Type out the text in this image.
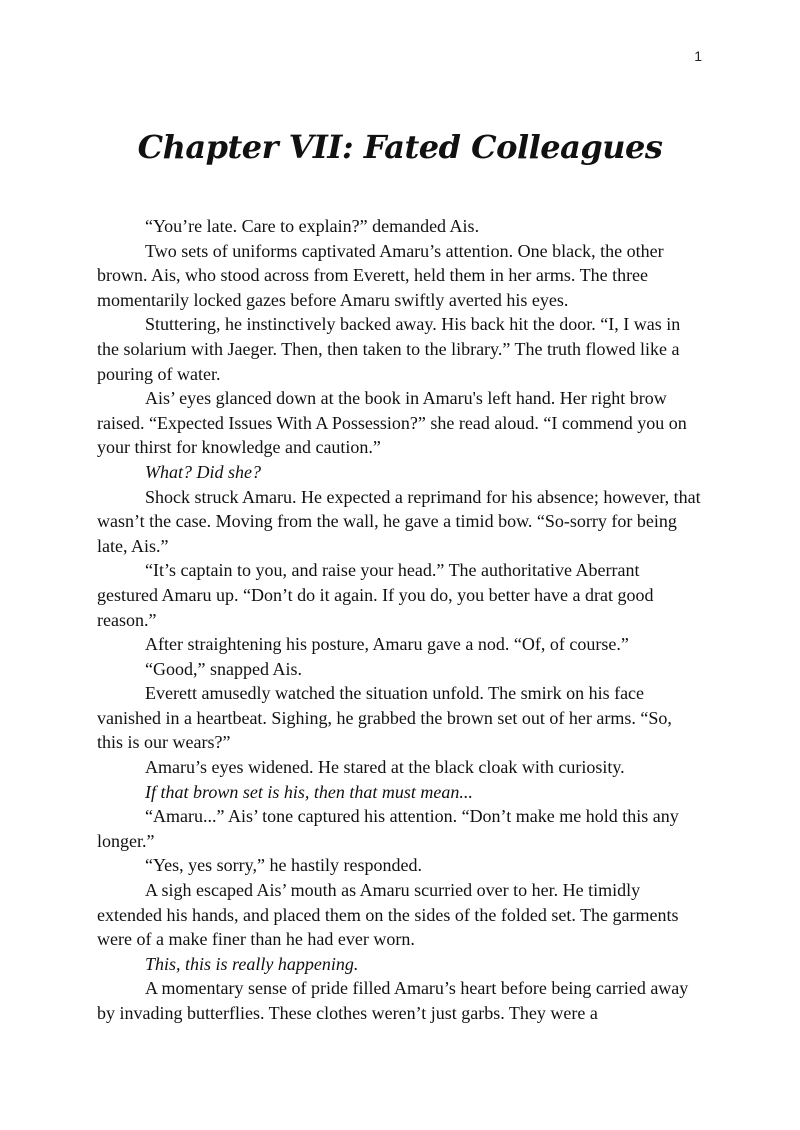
1
Chapter VII: Fated Colleagues

“You’re late. Care to explain?” demanded Ais.

Two sets of uniforms captivated Amaru’s attention. One black, the other brown. Ais, who stood across from Everett, held them in her arms. The three momentarily locked gazes before Amaru swiftly averted his eyes.

Stuttering, he instinctively backed away. His back hit the door. “I, I was in the solarium with Jaeger. Then, then taken to the library.” The truth flowed like a pouring of water.

Ais’ eyes glanced down at the book in Amaru's left hand. Her right brow raised. “Expected Issues With A Possession?” she read aloud. “I commend you on your thirst for knowledge and caution.”

What? Did she?

Shock struck Amaru. He expected a reprimand for his absence; however, that wasn’t the case. Moving from the wall, he gave a timid bow. “So-sorry for being late, Ais.”

“It’s captain to you, and raise your head.” The authoritative Aberrant gestured Amaru up. “Don’t do it again. If you do, you better have a drat good reason.”

After straightening his posture, Amaru gave a nod. “Of, of course.”

“Good,” snapped Ais.

Everett amusedly watched the situation unfold. The smirk on his face vanished in a heartbeat. Sighing, he grabbed the brown set out of her arms. “So, this is our wears?”

Amaru’s eyes widened. He stared at the black cloak with curiosity.

If that brown set is his, then that must mean...

“Amaru...” Ais’ tone captured his attention. “Don’t make me hold this any longer.”

“Yes, yes sorry,” he hastily responded.

A sigh escaped Ais’ mouth as Amaru scurried over to her. He timidly extended his hands, and placed them on the sides of the folded set. The garments were of a make finer than he had ever worn.

This, this is really happening.

A momentary sense of pride filled Amaru’s heart before being carried away by invading butterflies. These clothes weren’t just garbs. They were a
